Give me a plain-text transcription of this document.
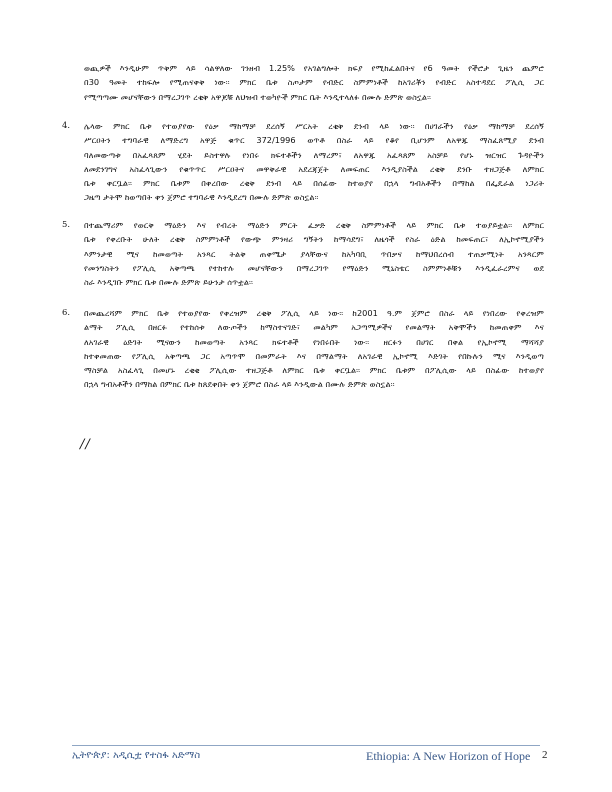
ወጪዎች እንዲሁም ጥቅም ላይ ሳልዋለው ገንዘብ 1.25% የአገልግሎት ክፍያ የሚከፈልበትና የ6 ዓመት የችሮታ ጊዜን ጨምሮ
በ30 ዓመት ተከፍሎ የሚጠናቀቅ ነው፡፡ ምክር ቤቱ ስጦታም የብድር ስምምነቶች ከአገሪቾን የብድር አስተዳደር ፖሊሲ ጋር
የሚጣጣሙ መሆናቸውን በማረጋገጥ ረቂቅ አዋጆቹ ለህዝብ ተወካዮች ምክር ቤት እንዲተላለፉ በሙሉ ድምጽ ወስኗል፡፡
4. ሌላው ምክር ቤቱ የተወያየው የዕቃ ማከማቻ ደረሰኝ ሥርአት ረቂቅ ደንብ ላይ ነው፡፡ በሀገራችን የዕቃ ማከማቻ ደረሰኝ
ሥርዐትን ተግባራዊ ለማድረግ አዋጅ ቁጥር 372/1996 ወጥቶ በስራ ላይ የቆየ ቢሆንም ለአዋጁ ማስፈጸሚያ ደንብ
ባለመውጣቱ በአፈጻጸም ሂደት ይስተዋሉ የነበሩ ክፍተቶችን ለማረም፣ ለአዋጁ አፈጻጸም አስቻይ የሆኑ ዝርዝር ጉዳዮችን
ለመደንገግና አስፈላጊውን የቁጥጥር ሥርዐትና መዋቅራዊ አደረጃጀት ለመፍጠር እንዲያስችል ረቂቅ ደንቡ ተዘጋጅቶ ለምክር
ቤቱ ቀርቧል፡፡ ምክር ቤቱም በቀረበው ረቂቅ ደንብ ላይ በሰፊው ከተወያየ በኋላ ግብአቶችን በማከል በፌዴራል ነጋሪት
ጋዜጣ ታትሞ ከወጣበት ቀን ጀምሮ ተግባራዊ እንዲደረግ በሙሉ ድምጽ ወስኗል፡፡
5. በተጨማሪም የወርቅ ማዕድን እና የብረት ማዕድን ምርት ፈቃድ ረቂቅ ስምምነቶች ላይ ምክር ቤቱ ተወያይቷል፡፡ ለምክር
ቤቱ የቀረቡት ሁለት ረቂቅ ስምምነቶች የውጭ ምንዛሪ ግኝትን ከማሳደግ፣ ለዜጎች የስራ ዕድል ከመፍጠር፣ ለኢኮኖሚያችን
እምንታዊ ሚና ከመወጣት አንጻር ትልቅ ጠቀሜታ ያላቸውና ከአካባቢ ጥበቃና ከማህበረሰብ ተጠቃሚነት አንጻርም
የመንግስትን የፖሊሲ አቅጣጫ የተከተሉ መሆናቸውን በማረጋገጥ የማዕድን ሚኒስቴር ስምምነቶቹን እንዲፈራረምና ወደ
ስራ እንዲገቡ ምክር ቤቱ በሙሉ ድምጽ ይሁንታ ሰጥቷል፡፡
6. በመጨረሻም ምክር ቤቱ የተወያየው የቀረዝም ረቂቅ ፖሊሲ ላይ ነው፡፡ ከ2001 ዓ.ም ጀምሮ በስራ ላይ የነበረው የቀረዝም
ልማት ፖሊሲ በዘርፉ የተከሰቱ ለውጦችን ከማስተናገድ፣ መልካም አጋጣሚዎችና የመልማት አቅሞችን ከመጠቀም እና
ለአገራዊ ዕድገት ሚናውን ከመወጣት አንጻር ክፍተቶች የነበሩበት ነው፡፡ ዘርፉን በሀገር በቀል የኢኮኖሚ ማሻሻያ
ከተቀመጠው የፖሊሲ አቅጣጫ ጋር አጣጥሞ በመምራት እና በማልማት ለአገራዊ ኢኮኖሚ እድገት የበኩሉን ሚና እንዲወጣ
ማስቻል አስፈላጊ በመሆኑ ረቂቂ ፖሊሲው ተዘጋጅቶ ለምክር ቤቱ ቀርቧል፡፡ ምክር ቤቱም በፖሊሲው ላይ በስፊው ከተወያየ
በኋላ ግብአቶችን በማከል በምክር ቤቱ ከጸደቀበት ቀን ጀምሮ በስራ ላይ እንዲውል በሙሉ ድምጽ ወስኗል፡፡
//
ኢትዮጵያ: አዲሲቷ የተስፋ አድማስ	Ethiopia: A New Horizon of Hope 2
